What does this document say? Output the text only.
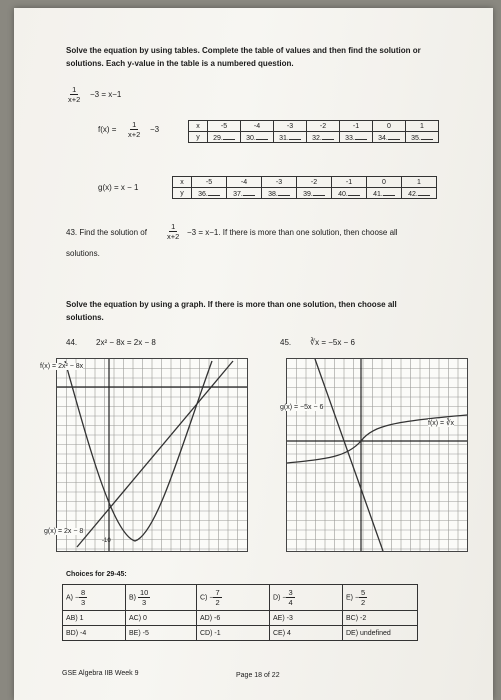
Solve the equation by using tables. Complete the table of values and then find the solution or
solutions. Each y-value in the table is a numbered question.
$\frac{1}{x+2} -3 = x-1$
$f(x) = \frac{1}{x+2} -3$	x	-5	-4	-3	-2	-1	0	1
y	29.	30.	31.	32.	33.	34.	35.
g(x) = x − 1
x	-5	-4	-3	-2	-1	0	1
y	36.	37.	38.	39.	40.	41.	42.
43. Find the solution of	$\frac{1}{x+2} -3 = x-1$. If there is more than one solution, then choose all
solutions.
Solve the equation by using a graph. If there is more than one solution, then choose all
solutions.
44. 2x² − 8x = 2x − 8
f(x) = 2x² − 8x
g(x) = 2x − 8
-10
45. ∛x = −5x − 6
g(x) = −5x − 6
f(x) = ∛x
Choices for 29-45:
$A) - \frac{8}{3}$	$B) \frac{10}{3}$	$C) - \frac{7}{2}$	$D) - \frac{3}{4}$	$E) - \frac{5}{2}$

AB) 1	AC) 0	AD) -6	AE) -3	BC) -2
BD) -4	BE) -5	CD) -1	CE) 4	DE) undefined
GSE Algebra IIB Week 9	Page 18 of 22
